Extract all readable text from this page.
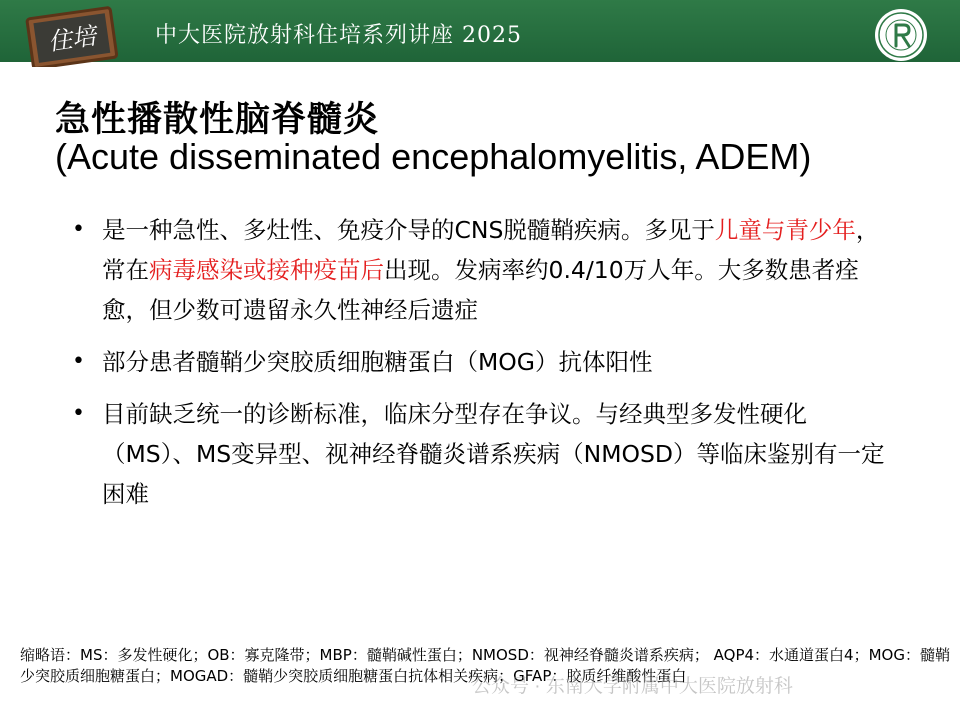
住培	中大医院放射科住培系列讲座 2025
急性播散性脑脊髓炎
(Acute disseminated encephalomyelitis, ADEM)
• 是一种急性、多灶性、免疫介导的CNS脱髓鞘疾病。多见于儿童与青少年，常在病毒感染或接种疫苗后出现。发病率约0.4/10万人年。大多数患者痊愈，但少数可遗留永久性神经后遗症
• 部分患者髓鞘少突胶质细胞糖蛋白（MOG）抗体阳性
• 目前缺乏统一的诊断标准，临床分型存在争议。与经典型多发性硬化（MS）、MS变异型、视神经脊髓炎谱系疾病（NMOSD）等临床鉴别有一定困难
缩略语：MS：多发性硬化；OB：寡克隆带；MBP：髓鞘碱性蛋白；NMOSD：视神经脊髓炎谱系疾病； AQP4：水通道蛋白4；MOG：髓鞘少突胶质细胞糖蛋白；MOGAD：髓鞘少突胶质细胞糖蛋白抗体相关疾病；GFAP：胶质纤维酸性蛋白
公众号 · 东南大学附属中大医院放射科
